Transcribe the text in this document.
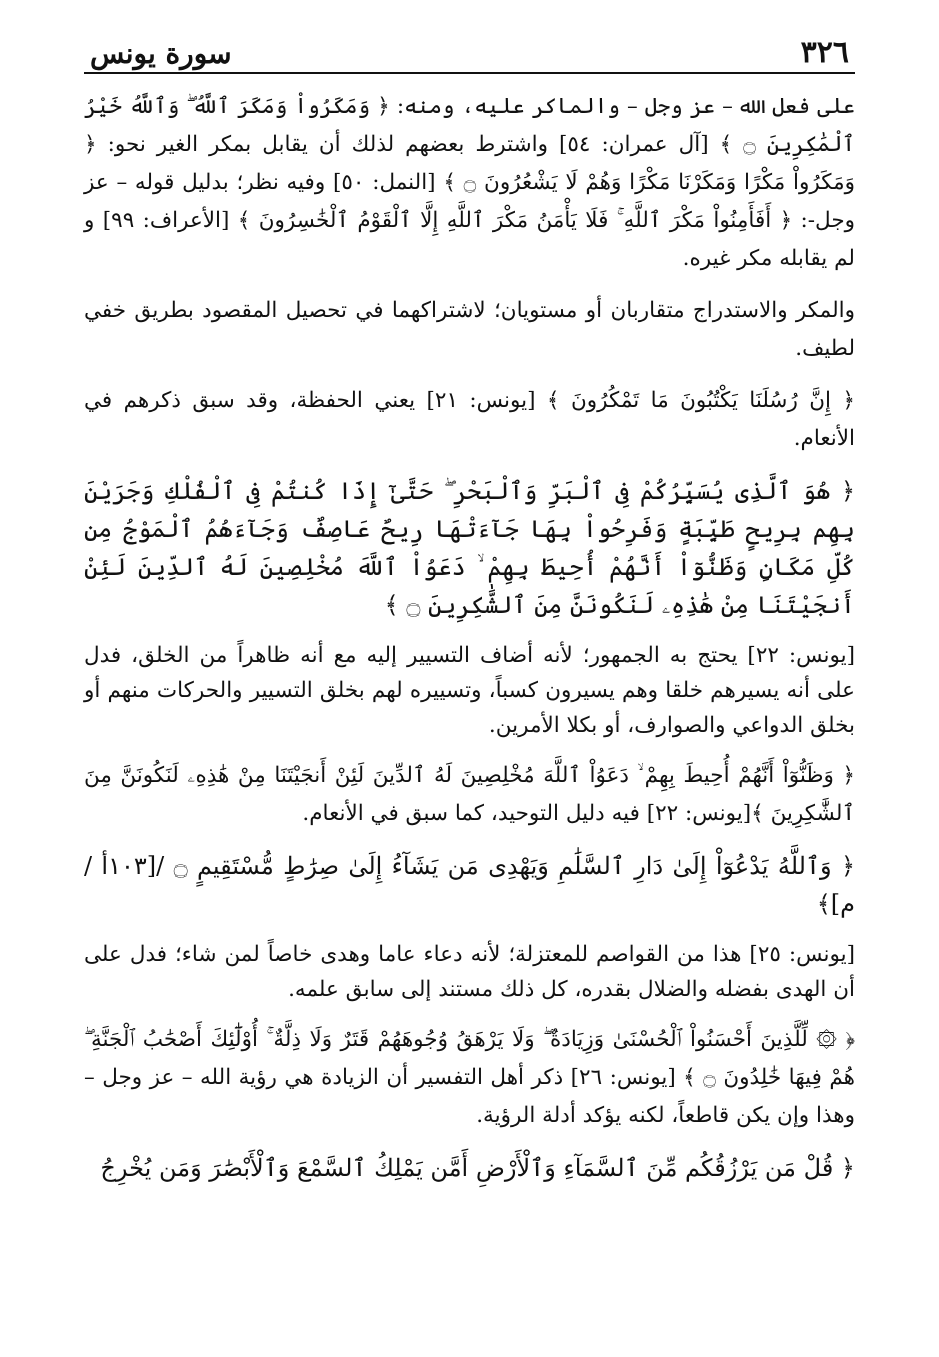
٣٢٦
سورة يونس

على فعل الله – عز وجل – والماكر عليه، ومنه: ﴿ وَمَكَرُواْ وَمَكَرَ ٱللَّهُ ۖ وَٱللَّهُ خَيْرُ ٱلْمَٰكِرِينَ ۝ ﴾ [آل عمران: ٥٤] واشترط بعضهم لذلك أن يقابل بمكر الغير نحو: ﴿ وَمَكَرُواْ مَكْرًا وَمَكَرْنَا مَكْرًا وَهُمْ لَا يَشْعُرُونَ ۝ ﴾ [النمل: ٥٠] وفيه نظر؛ بدليل قوله – عز وجل-: ﴿ أَفَأَمِنُواْ مَكْرَ ٱللَّهِ ۚ فَلَا يَأْمَنُ مَكْرَ ٱللَّهِ إِلَّا ٱلْقَوْمُ ٱلْخَٰسِرُونَ ﴾ [الأعراف: ٩٩] و لم يقابله مكر غيره.

والمكر والاستدراج متقاربان أو مستويان؛ لاشتراكهما في تحصيل المقصود بطريق خفي لطيف.

﴿ إِنَّ رُسُلَنَا يَكْتُبُونَ مَا تَمْكُرُونَ ﴾ [يونس: ٢١] يعني الحفظة، وقد سبق ذكرهم في الأنعام.

﴿ هُوَ ٱلَّذِى يُسَيِّرُكُمْ فِى ٱلْبَرِّ وَٱلْبَحْرِ ۖ حَتَّىٰٓ إِذَا كُنتُمْ فِى ٱلْفُلْكِ وَجَرَيْنَ بِهِم بِرِيحٍ طَيِّبَةٍ وَفَرِحُواْ بِهَا جَآءَتْهَا رِيحٌ عَاصِفٌ وَجَآءَهُمُ ٱلْمَوْجُ مِن كُلِّ مَكَانٍ وَظَنُّوٓاْ أَنَّهُمْ أُحِيطَ بِهِمْ ۙ دَعَوُاْ ٱللَّهَ مُخْلِصِينَ لَهُ ٱلدِّينَ لَئِنْ أَنجَيْتَنَا مِنْ هَٰذِهِۦ لَنَكُونَنَّ مِنَ ٱلشَّٰكِرِينَ ۝ ﴾

[يونس: ٢٢] يحتج به الجمهور؛ لأنه أضاف التسيير إليه مع أنه ظاهراً من الخلق، فدل على أنه يسيرهم خلقا وهم يسيرون كسباً، وتسييره لهم بخلق التسيير والحركات منهم أو بخلق الدواعي والصوارف، أو بكلا الأمرين.

﴿ وَظَنُّوٓاْ أَنَّهُمْ أُحِيطَ بِهِمْ ۙ دَعَوُاْ ٱللَّهَ مُخْلِصِينَ لَهُ ٱلدِّينَ لَئِنْ أَنجَيْتَنَا مِنْ هَٰذِهِۦ لَنَكُونَنَّ مِنَ ٱلشَّٰكِرِينَ ﴾[يونس: ٢٢] فيه دليل التوحيد، كما سبق في الأنعام.

﴿ وَٱللَّهُ يَدْعُوٓاْ إِلَىٰ دَارِ ٱلسَّلَٰمِ وَيَهْدِى مَن يَشَآءُ إِلَىٰ صِرَٰطٍ مُّسْتَقِيمٍ ۝ /[١٠٣أ /م]﴾

[يونس: ٢٥] هذا من القواصم للمعتزلة؛ لأنه دعاء عاما وهدى خاصاً لمن شاء؛ فدل على أن الهدى بفضله والضلال بقدره، كل ذلك مستند إلى سابق علمه.

﴿ ۞ لِّلَّذِينَ أَحْسَنُواْ ٱلْحُسْنَىٰ وَزِيَادَةٌ ۖ وَلَا يَرْهَقُ وُجُوهَهُمْ قَتَرٌ وَلَا ذِلَّةٌ ۚ أُوْلَٰٓئِكَ أَصْحَٰبُ ٱلْجَنَّةِ ۖ هُمْ فِيهَا خَٰلِدُونَ ۝ ﴾ [يونس: ٢٦] ذكر أهل التفسير أن الزيادة هي رؤية الله – عز وجل – وهذا وإن يكن قاطعاً، لكنه يؤكد أدلة الرؤية.

﴿ قُلْ مَن يَرْزُقُكُم مِّنَ ٱلسَّمَآءِ وَٱلْأَرْضِ أَمَّن يَمْلِكُ ٱلسَّمْعَ وَٱلْأَبْصَٰرَ وَمَن يُخْرِجُ
